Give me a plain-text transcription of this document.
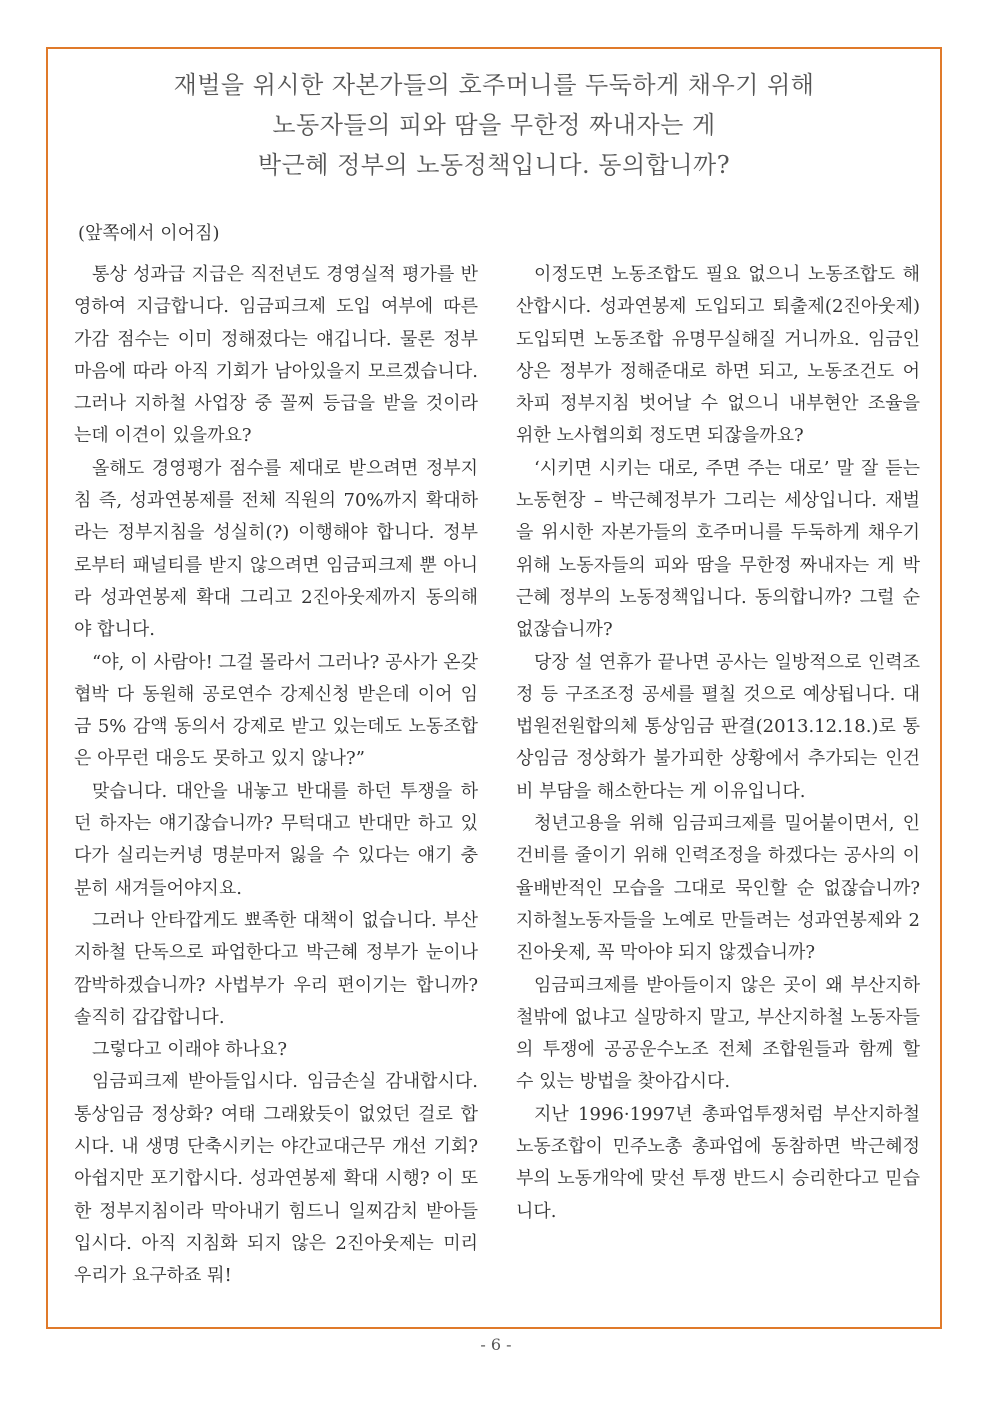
재벌을 위시한 자본가들의 호주머니를 두둑하게 채우기 위해
노동자들의 피와 땀을 무한정 짜내자는 게
박근혜 정부의 노동정책입니다. 동의합니까?
(앞쪽에서 이어짐)

통상 성과급 지급은 직전년도 경영실적 평가를 반영하여 지급합니다. 임금피크제 도입 여부에 따른 가감 점수는 이미 정해졌다는 얘깁니다. 물론 정부 마음에 따라 아직 기회가 남아있을지 모르겠습니다. 그러나 지하철 사업장 중 꼴찌 등급을 받을 것이라는데 이견이 있을까요?

올해도 경영평가 점수를 제대로 받으려면 정부지침 즉, 성과연봉제를 전체 직원의 70%까지 확대하라는 정부지침을 성실히(?) 이행해야 합니다. 정부로부터 패널티를 받지 않으려면 임금피크제 뿐 아니라 성과연봉제 확대 그리고 2진아웃제까지 동의해야 합니다.

“야, 이 사람아! 그걸 몰라서 그러나? 공사가 온갖 협박 다 동원해 공로연수 강제신청 받은데 이어 임금 5% 감액 동의서 강제로 받고 있는데도 노동조합은 아무런 대응도 못하고 있지 않나?”

맞습니다. 대안을 내놓고 반대를 하던 투쟁을 하던 하자는 얘기잖습니까? 무턱대고 반대만 하고 있다가 실리는커녕 명분마저 잃을 수 있다는 얘기 충분히 새겨들어야지요.

그러나 안타깝게도 뾰족한 대책이 없습니다. 부산지하철 단독으로 파업한다고 박근혜 정부가 눈이나 깜박하겠습니까? 사법부가 우리 편이기는 합니까? 솔직히 갑갑합니다.

그렇다고 이래야 하나요?

임금피크제 받아들입시다. 임금손실 감내합시다. 통상임금 정상화? 여태 그래왔듯이 없었던 걸로 합시다. 내 생명 단축시키는 야간교대근무 개선 기회? 아쉽지만 포기합시다. 성과연봉제 확대 시행? 이 또한 정부지침이라 막아내기 힘드니 일찌감치 받아들입시다. 아직 지침화 되지 않은 2진아웃제는 미리 우리가 요구하죠 뭐!

이정도면 노동조합도 필요 없으니 노동조합도 해산합시다. 성과연봉제 도입되고 퇴출제(2진아웃제) 도입되면 노동조합 유명무실해질 거니까요. 임금인상은 정부가 정해준대로 하면 되고, 노동조건도 어차피 정부지침 벗어날 수 없으니 내부현안 조율을 위한 노사협의회 정도면 되잖을까요?

‘시키면 시키는 대로, 주면 주는 대로’ 말 잘 듣는 노동현장 – 박근혜정부가 그리는 세상입니다. 재벌을 위시한 자본가들의 호주머니를 두둑하게 채우기 위해 노동자들의 피와 땀을 무한정 짜내자는 게 박근혜 정부의 노동정책입니다. 동의합니까? 그럴 순 없잖습니까?

당장 설 연휴가 끝나면 공사는 일방적으로 인력조정 등 구조조정 공세를 펼칠 것으로 예상됩니다. 대법원전원합의체 통상임금 판결(2013.12.18.)로 통상임금 정상화가 불가피한 상황에서 추가되는 인건비 부담을 해소한다는 게 이유입니다.

청년고용을 위해 임금피크제를 밀어붙이면서, 인건비를 줄이기 위해 인력조정을 하겠다는 공사의 이율배반적인 모습을 그대로 묵인할 순 없잖습니까? 지하철노동자들을 노예로 만들려는 성과연봉제와 2진아웃제, 꼭 막아야 되지 않겠습니까?

임금피크제를 받아들이지 않은 곳이 왜 부산지하철밖에 없냐고 실망하지 말고, 부산지하철 노동자들의 투쟁에 공공운수노조 전체 조합원들과 함께 할 수 있는 방법을 찾아갑시다.

지난 1996·1997년 총파업투쟁처럼 부산지하철노동조합이 민주노총 총파업에 동참하면 박근혜정부의 노동개악에 맞선 투쟁 반드시 승리한다고 믿습니다.

- 6 -
